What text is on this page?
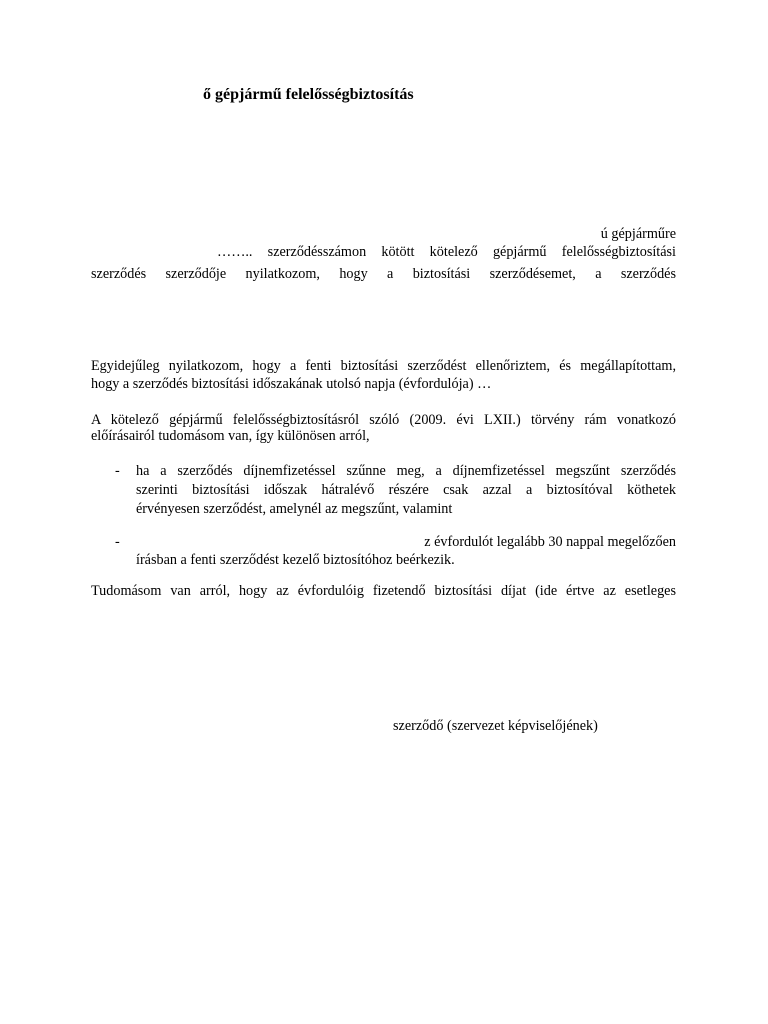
ő gépjármű felelősségbiztosítás
ú gépjárműre
…….. szerződésszámon kötött kötelező gépjármű felelősségbiztosítási
szerződés szerződője nyilatkozom, hogy a biztosítási szerződésemet, a szerződés
Egyidejűleg nyilatkozom, hogy a fenti biztosítási szerződést ellenőriztem, és megállapítottam,
hogy a szerződés biztosítási időszakának utolsó napja (évfordulója) …
A kötelező gépjármű felelősségbiztosításról szóló (2009. évi LXII.) törvény rám vonatkozó
előírásairól tudomásom van, így különösen arról,
- ha a szerződés díjnemfizetéssel szűnne meg, a díjnemfizetéssel megszűnt szerződés
szerinti biztosítási időszak hátralévő részére csak azzal a biztosítóval köthetek
érvényesen szerződést, amelynél az megszűnt, valamint
-	z évfordulót legalább 30 nappal megelőzően
írásban a fenti szerződést kezelő biztosítóhoz beérkezik.
Tudomásom van arról, hogy az évfordulóig fizetendő biztosítási díjat (ide értve az esetleges
szerződő (szervezet képviselőjének)
